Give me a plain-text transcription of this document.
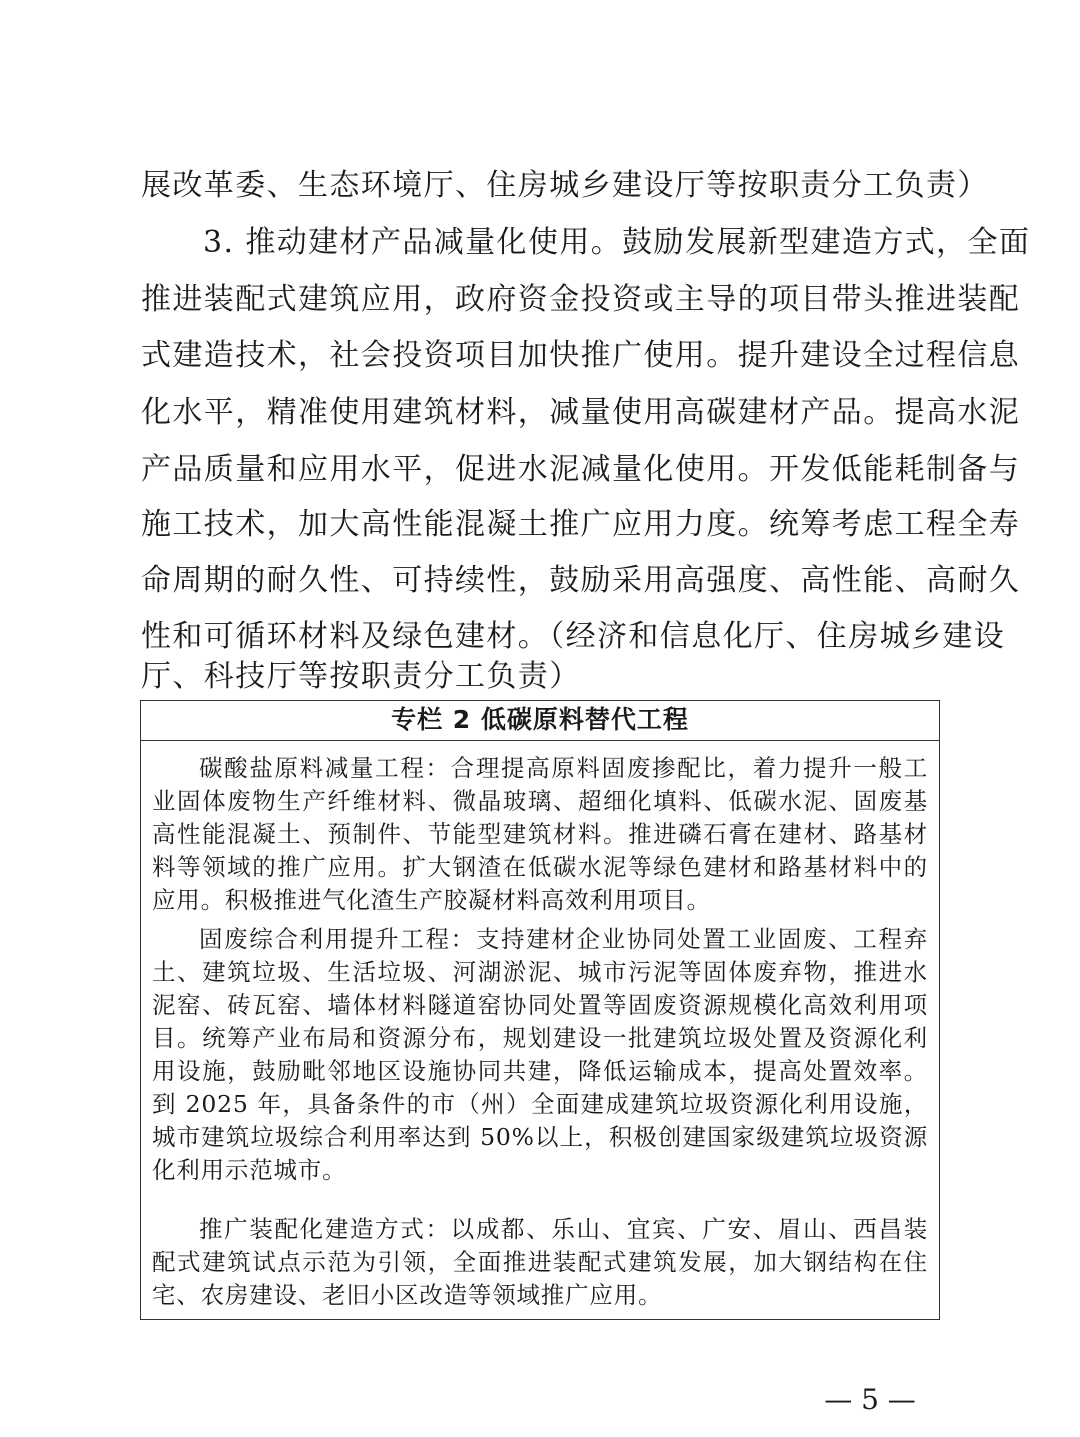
展改革委、生态环境厅、住房城乡建设厅等按职责分工负责）
3. 推动建材产品减量化使用。鼓励发展新型建造方式，全面
推进装配式建筑应用，政府资金投资或主导的项目带头推进装配
式建造技术，社会投资项目加快推广使用。提升建设全过程信息
化水平，精准使用建筑材料，减量使用高碳建材产品。提高水泥
产品质量和应用水平，促进水泥减量化使用。开发低能耗制备与
施工技术，加大高性能混凝土推广应用力度。统筹考虑工程全寿
命周期的耐久性、可持续性，鼓励采用高强度、高性能、高耐久
性和可循环材料及绿色建材。（经济和信息化厅、住房城乡建设
厅、科技厅等按职责分工负责）
专栏 2 低碳原料替代工程
碳酸盐原料减量工程：合理提高原料固废掺配比，着力提升一般工
业固体废物生产纤维材料、微晶玻璃、超细化填料、低碳水泥、固废基
高性能混凝土、预制件、节能型建筑材料。推进磷石膏在建材、路基材
料等领域的推广应用。扩大钢渣在低碳水泥等绿色建材和路基材料中的
应用。积极推进气化渣生产胶凝材料高效利用项目。
固废综合利用提升工程：支持建材企业协同处置工业固废、工程弃
土、建筑垃圾、生活垃圾、河湖淤泥、城市污泥等固体废弃物，推进水
泥窑、砖瓦窑、墙体材料隧道窑协同处置等固废资源规模化高效利用项
目。统筹产业布局和资源分布，规划建设一批建筑垃圾处置及资源化利
用设施，鼓励毗邻地区设施协同共建，降低运输成本，提高处置效率。
到 2025 年，具备条件的市（州）全面建成建筑垃圾资源化利用设施，
城市建筑垃圾综合利用率达到 50%以上，积极创建国家级建筑垃圾资源
化利用示范城市。
推广装配化建造方式：以成都、乐山、宜宾、广安、眉山、西昌装
配式建筑试点示范为引领，全面推进装配式建筑发展，加大钢结构在住
宅、农房建设、老旧小区改造等领域推广应用。
— 5 —
